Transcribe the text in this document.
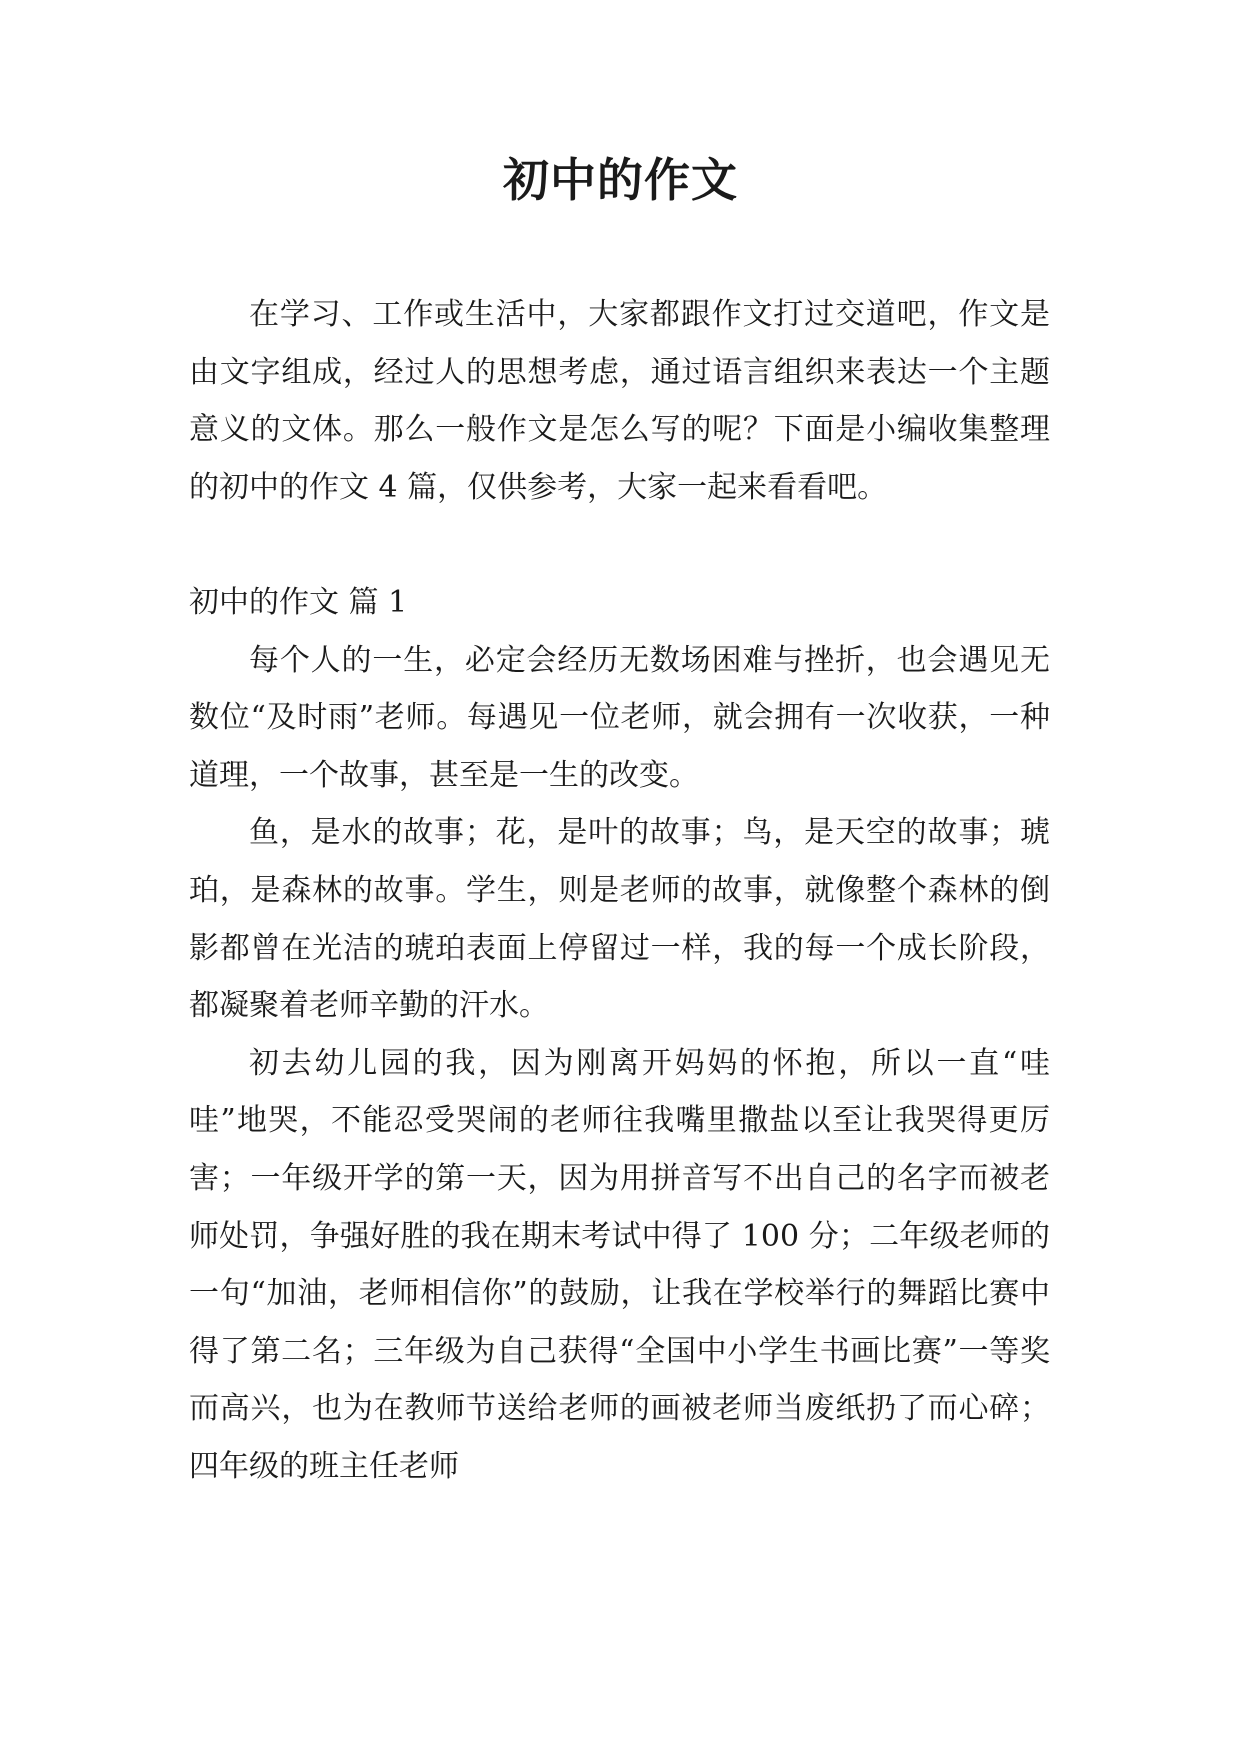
初中的作文

在学习、工作或生活中，大家都跟作文打过交道吧，作文是由文字组成，经过人的思想考虑，通过语言组织来表达一个主题意义的文体。那么一般作文是怎么写的呢？下面是小编收集整理的初中的作文 4 篇，仅供参考，大家一起来看看吧。

初中的作文 篇 1

每个人的一生，必定会经历无数场困难与挫折，也会遇见无数位“及时雨”老师。每遇见一位老师，就会拥有一次收获，一种道理，一个故事，甚至是一生的改变。

鱼，是水的故事；花，是叶的故事；鸟，是天空的故事；琥珀，是森林的故事。学生，则是老师的故事，就像整个森林的倒影都曾在光洁的琥珀表面上停留过一样，我的每一个成长阶段，都凝聚着老师辛勤的汗水。

初去幼儿园的我，因为刚离开妈妈的怀抱，所以一直“哇哇”地哭，不能忍受哭闹的老师往我嘴里撒盐以至让我哭得更厉害；一年级开学的第一天，因为用拼音写不出自己的名字而被老师处罚，争强好胜的我在期末考试中得了 100 分；二年级老师的一句“加油，老师相信你”的鼓励，让我在学校举行的舞蹈比赛中得了第二名；三年级为自己获得“全国中小学生书画比赛”一等奖而高兴，也为在教师节送给老师的画被老师当废纸扔了而心碎；四年级的班主任老师
